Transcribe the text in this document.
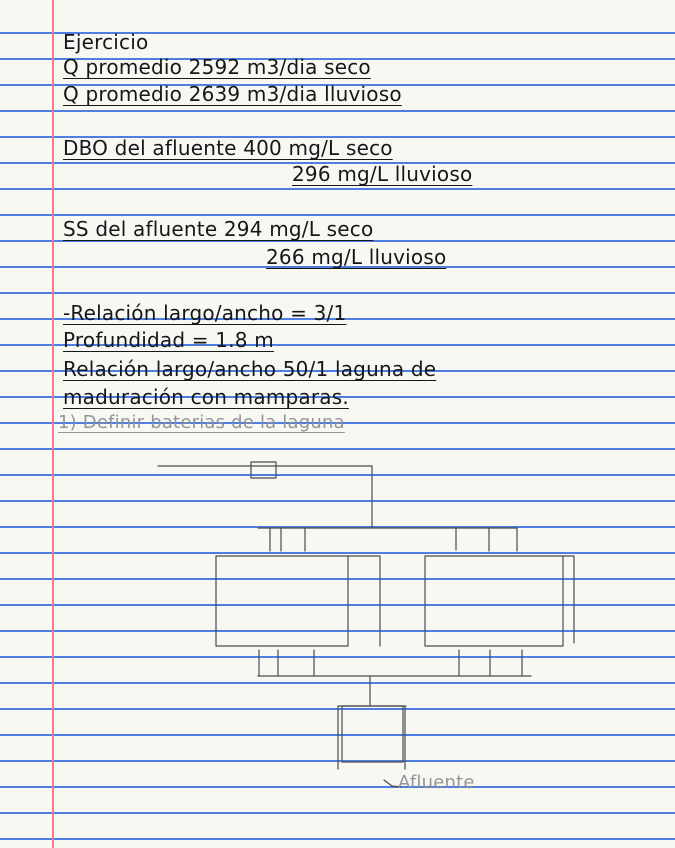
Ejercicio
Q promedio 2592 m3/dia seco
Q promedio 2639 m3/dia lluvioso
DBO del afluente 400 mg/L seco
296 mg/L lluvioso
SS del afluente 294 mg/L seco
266 mg/L lluvioso
-Relación largo/ancho = 3/1
Profundidad = 1.8 m
Relación largo/ancho 50/1 laguna de
maduración con mamparas.
1) Definir baterias de la laguna
Afluente
